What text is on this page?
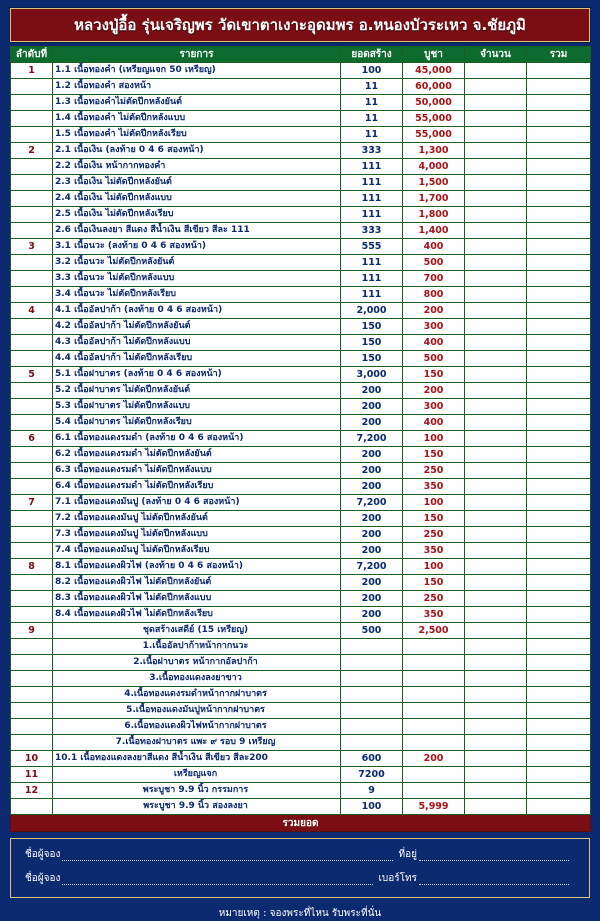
หลวงปู่อื้อ รุ่นเจริญพร วัดเขาตาเงาะอุดมพร อ.หนองบัวระเหว จ.ชัยภูมิ
ลำดับที่	รายการ	ยอดสร้าง	บูชา	จำนวน	รวม
1	1.1 เนื้อทองคำ (เหรียญแจก 50 เหรียญ)	100	45,000		
	1.2 เนื้อทองคำ สองหน้า	11	60,000		
	1.3 เนื้อทองคำไม่ตัดปีกหลังยันต์	11	50,000		
	1.4 เนื้อทองคำ ไม่ตัดปีกหลังแบบ	11	55,000		
	1.5 เนื้อทองคำ ไม่ตัดปีกหลังเรียบ	11	55,000		
2	2.1 เนื้อเงิน (ลงท้าย 0 4 6 สองหน้า)	333	1,300		
	2.2 เนื้อเงิน หน้ากากทองคำ	111	4,000		
	2.3 เนื้อเงิน ไม่ตัดปีกหลังยันต์	111	1,500		
	2.4 เนื้อเงิน ไม่ตัดปีกหลังแบบ	111	1,700		
	2.5 เนื้อเงิน ไม่ตัดปีกหลังเรียบ	111	1,800		
	2.6 เนื้อเงินลงยา สีแดง สีน้ำเงิน สีเขียว สีละ 111	333	1,400		
3	3.1 เนื้อนวะ (ลงท้าย 0 4 6 สองหน้า)	555	400		
	3.2 เนื้อนวะ ไม่ตัดปีกหลังยันต์	111	500		
	3.3 เนื้อนวะ ไม่ตัดปีกหลังแบบ	111	700		
	3.4 เนื้อนวะ ไม่ตัดปีกหลังเรียบ	111	800		
4	4.1 เนื้ออัลปาก้า (ลงท้าย 0 4 6 สองหน้า)	2,000	200		
	4.2 เนื้ออัลปาก้า ไม่ตัดปีกหลังยันต์	150	300		
	4.3 เนื้ออัลปาก้า ไม่ตัดปีกหลังแบบ	150	400		
	4.4 เนื้ออัลปาก้า ไม่ตัดปีกหลังเรียบ	150	500		
5	5.1 เนื้อฝาบาตร (ลงท้าย 0 4 6 สองหน้า)	3,000	150		
	5.2 เนื้อฝาบาตร ไม่ตัดปีกหลังยันต์	200	200		
	5.3 เนื้อฝาบาตร ไม่ตัดปีกหลังแบบ	200	300		
	5.4 เนื้อฝาบาตร ไม่ตัดปีกหลังเรียบ	200	400		
6	6.1 เนื้อทองแดงรมดำ (ลงท้าย 0 4 6 สองหน้า)	7,200	100		
	6.2 เนื้อทองแดงรมดำ ไม่ตัดปีกหลังยันต์	200	150		
	6.3 เนื้อทองแดงรมดำ ไม่ตัดปีกหลังแบบ	200	250		
	6.4 เนื้อทองแดงรมดำ ไม่ตัดปีกหลังเรียบ	200	350		
7	7.1 เนื้อทองแดงมันปู (ลงท้าย 0 4 6 สองหน้า)	7,200	100		
	7.2 เนื้อทองแดงมันปู ไม่ตัดปีกหลังยันต์	200	150		
	7.3 เนื้อทองแดงมันปู ไม่ตัดปีกหลังแบบ	200	250		
	7.4 เนื้อทองแดงมันปู ไม่ตัดปีกหลังเรียบ	200	350		
8	8.1 เนื้อทองแดงผิวไฟ (ลงท้าย 0 4 6 สองหน้า)	7,200	100		
	8.2 เนื้อทองแดงผิวไฟ ไม่ตัดปีกหลังยันต์	200	150		
	8.3 เนื้อทองแดงผิวไฟ ไม่ตัดปีกหลังแบบ	200	250		
	8.4 เนื้อทองแดงผิวไฟ ไม่ตัดปีกหลังเรียบ	200	350		
9	ชุดสร้างเสดีย์ (15 เหรียญ)	500	2,500		
	1.เนื้ออัลปาก้าหน้ากากนวะ				
	2.เนื้อฝาบาตร หน้ากากอัลปาก้า				
	3.เนื้อทองแดงลงยาขาว				
	4.เนื้อทองแดงรมดำหน้ากากฝาบาตร				
	5.เนื้อทองแดงมันปูหน้ากากฝาบาตร				
	6.เนื้อทองแดงผิวไฟหน้ากากฝาบาตร				
	7.เนื้อทองฝาบาตร แพะ ๙ รอบ 9 เหรียญ				
10	10.1 เนื้อทองแดงลงยาสีแดง สีน้ำเงิน สีเขียว สีละ200	600	200		
11	เหรียญแจก	7200			
12	พระบูชา 9.9 นิ้ว กรรมการ	9			
	พระบูชา 9.9 นิ้ว สองลงยา	100	5,999		
รวมยอด					
ชื่อผู้จอง	ที่อยู่
ชื่อผู้จอง	เบอร์โทร
หมายเหตุ : จองพระที่ไหน รับพระที่นั่น
